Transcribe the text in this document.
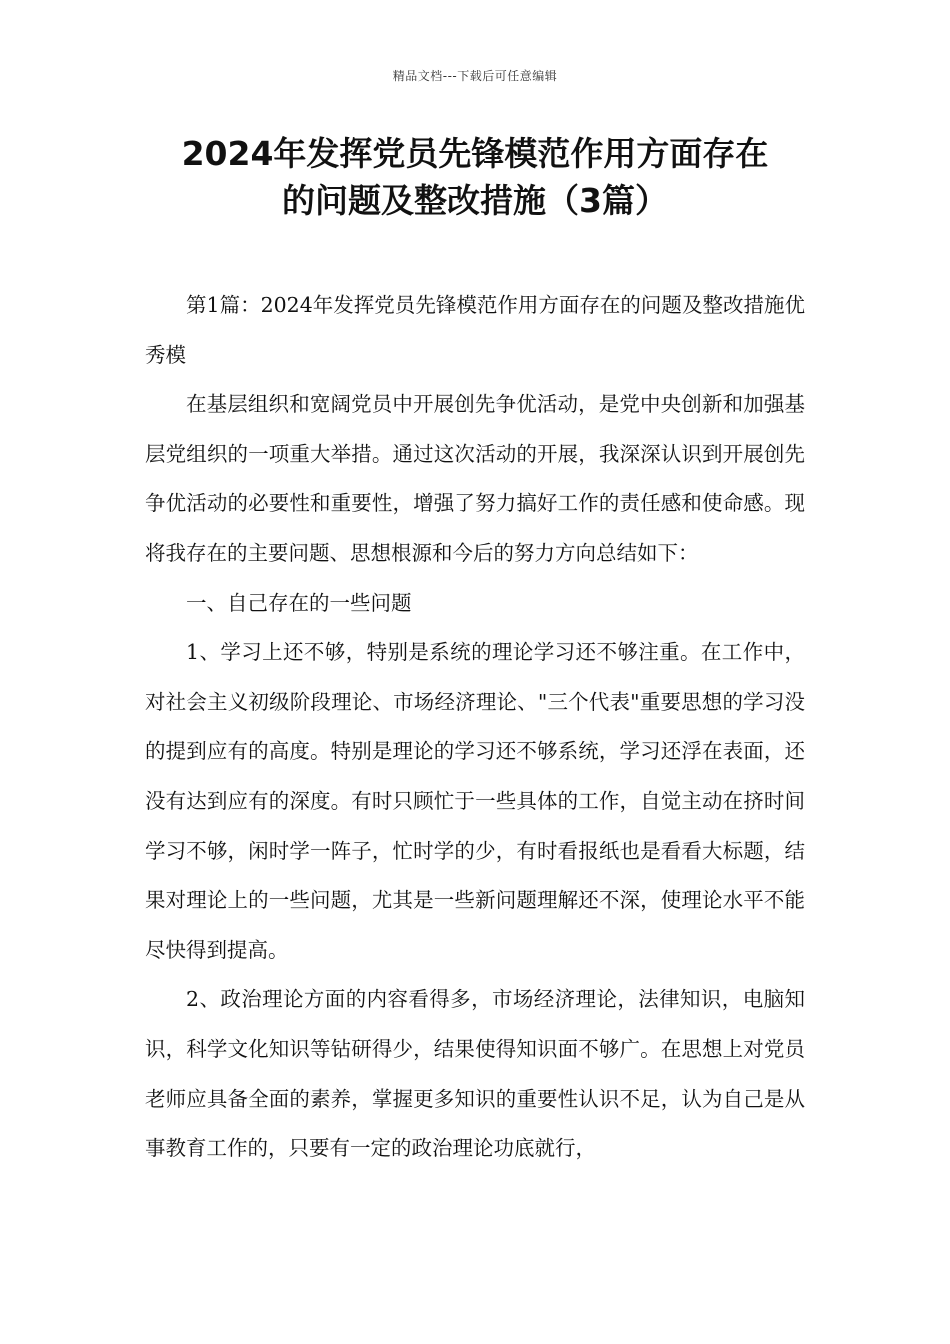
精品文档---下载后可任意编辑
2024年发挥党员先锋模范作用方面存在
的问题及整改措施（3篇）

第1篇：2024年发挥党员先锋模范作用方面存在的问题及整改措施优秀模

在基层组织和宽阔党员中开展创先争优活动，是党中央创新和加强基层党组织的一项重大举措。通过这次活动的开展，我深深认识到开展创先争优活动的必要性和重要性，增强了努力搞好工作的责任感和使命感。现将我存在的主要问题、思想根源和今后的努力方向总结如下：

一、自己存在的一些问题

1、学习上还不够，特别是系统的理论学习还不够注重。在工作中，对社会主义初级阶段理论、市场经济理论、"三个代表"重要思想的学习没的提到应有的高度。特别是理论的学习还不够系统，学习还浮在表面，还没有达到应有的深度。有时只顾忙于一些具体的工作，自觉主动在挤时间学习不够，闲时学一阵子，忙时学的少，有时看报纸也是看看大标题，结果对理论上的一些问题，尤其是一些新问题理解还不深，使理论水平不能尽快得到提高。

2、政治理论方面的内容看得多，市场经济理论，法律知识，电脑知识，科学文化知识等钻研得少，结果使得知识面不够广。在思想上对党员老师应具备全面的素养，掌握更多知识的重要性认识不足，认为自己是从事教育工作的，只要有一定的政治理论功底就行，
